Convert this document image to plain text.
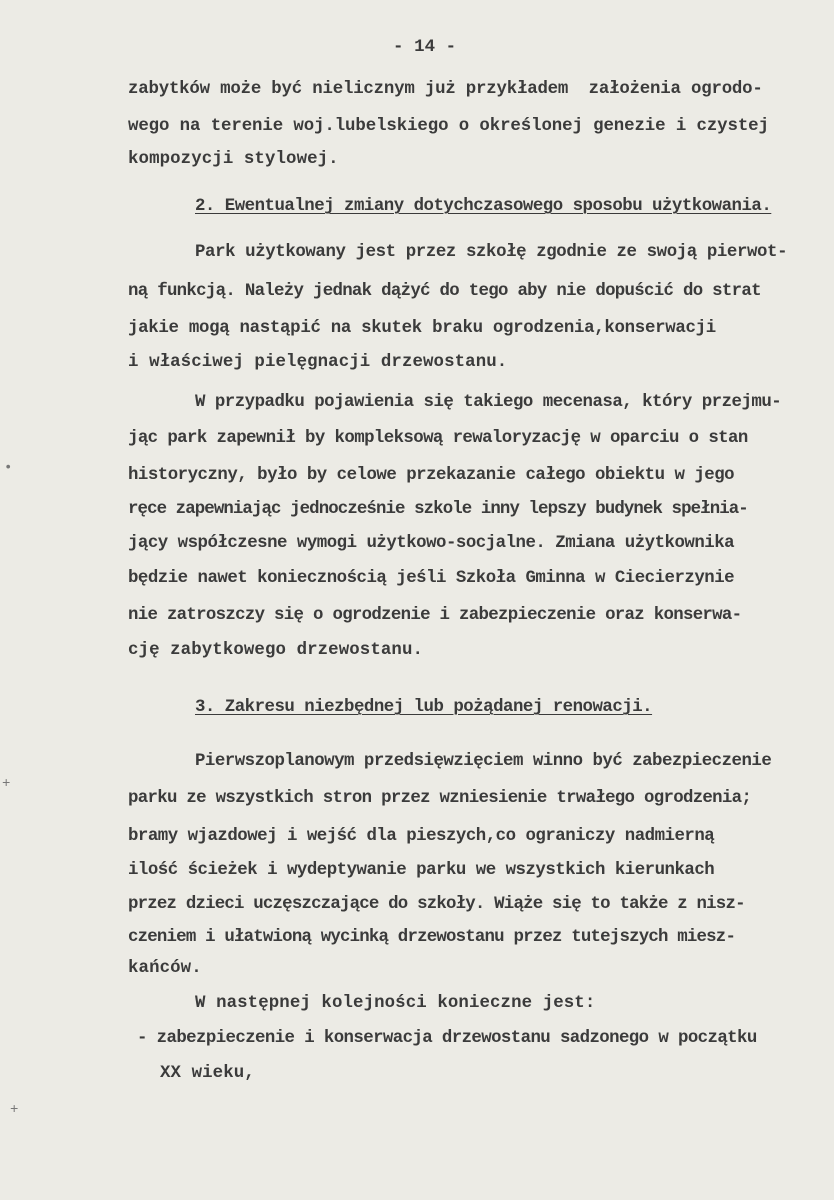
- 14 -
zabytków może być nielicznym już przykładem  założenia ogrodo-
wego na terenie woj.lubelskiego o określonej genezie i czystej
kompozycji stylowej.
2. Ewentualnej zmiany dotychczasowego sposobu użytkowania.
Park użytkowany jest przez szkołę zgodnie ze swoją pierwot-
ną funkcją. Należy jednak dążyć do tego aby nie dopuścić do strat
jakie mogą nastąpić na skutek braku ogrodzenia,konserwacji
i właściwej pielęgnacji drzewostanu.
W przypadku pojawienia się takiego mecenasa, który przejmu-
jąc park zapewnił by kompleksową rewaloryzację w oparciu o stan
historyczny, było by celowe przekazanie całego obiektu w jego
ręce zapewniając jednocześnie szkole inny lepszy budynek spełnia-
jący współczesne wymogi użytkowo-socjalne. Zmiana użytkownika
będzie nawet koniecznością jeśli Szkoła Gminna w Ciecierzynie
nie zatroszczy się o ogrodzenie i zabezpieczenie oraz konserwa-
cję zabytkowego drzewostanu.
3. Zakresu niezbędnej lub pożądanej renowacji.
Pierwszoplanowym przedsięwzięciem winno być zabezpieczenie
parku ze wszystkich stron przez wzniesienie trwałego ogrodzenia;
bramy wjazdowej i wejść dla pieszych,co ograniczy nadmierną
ilość ścieżek i wydeptywanie parku we wszystkich kierunkach
przez dzieci uczęszczające do szkoły. Wiąże się to także z nisz-
czeniem i ułatwioną wycinką drzewostanu przez tutejszych miesz-
kańców.
W następnej kolejności konieczne jest:
- zabezpieczenie i konserwacja drzewostanu sadzonego w początku
XX wieku,
•
+
+
